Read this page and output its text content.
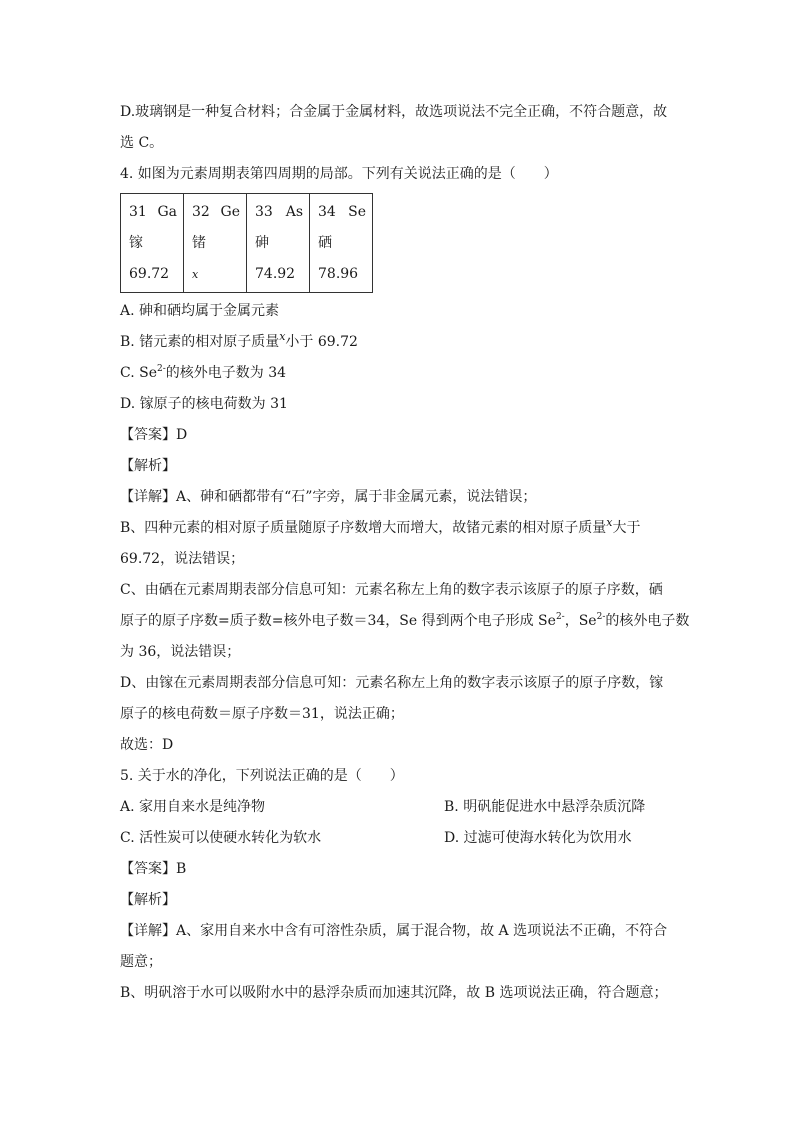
D.玻璃钢是一种复合材料；合金属于金属材料，故选项说法不完全正确，不符合题意，故
选 C。
4. 如图为元素周期表第四周期的局部。下列有关说法正确的是（　　）
31 Ga
镓
69.72

32 Ge
锗
x

33 As
砷
74.92

34 Se
硒
78.96
A. 砷和硒均属于金属元素
B. 锗元素的相对原子质量$^x$小于 69.72
C. $Se^{2-}$的核外电子数为 34
D. 镓原子的核电荷数为 31
【答案】D
【解析】
【详解】A、砷和硒都带有“石”字旁，属于非金属元素，说法错误；
B、四种元素的相对原子质量随原子序数增大而增大，故锗元素的相对原子质量$^x$大于
69.72，说法错误；
C、由硒在元素周期表部分信息可知：元素名称左上角的数字表示该原子的原子序数，硒
原子的原子序数=质子数=核外电子数＝34，Se 得到两个电子形成 $Se^{2-}$，$Se^{2-}$的核外电子数
为 36，说法错误；
D、由镓在元素周期表部分信息可知：元素名称左上角的数字表示该原子的原子序数，镓
原子的核电荷数＝原子序数＝31，说法正确；
故选：D
5. 关于水的净化，下列说法正确的是（　　）
A. 家用自来水是纯净物	B. 明矾能促进水中悬浮杂质沉降
C. 活性炭可以使硬水转化为软水	D. 过滤可使海水转化为饮用水
【答案】B
【解析】
【详解】A、家用自来水中含有可溶性杂质，属于混合物，故 A 选项说法不正确，不符合
题意；
B、明矾溶于水可以吸附水中的悬浮杂质而加速其沉降，故 B 选项说法正确，符合题意；
